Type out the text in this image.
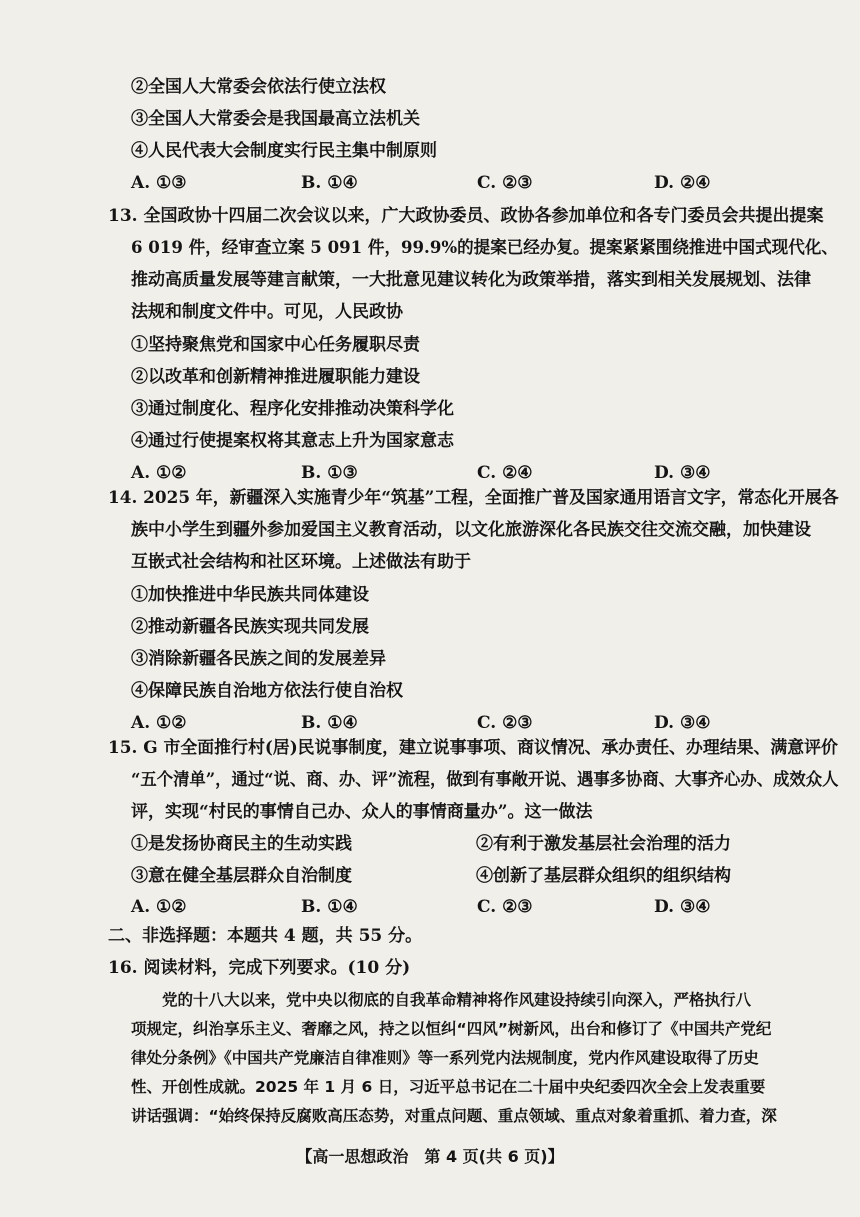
②全国人大常委会依法行使立法权
③全国人大常委会是我国最高立法机关
④人民代表大会制度实行民主集中制原则
A. ①③	B. ①④	C. ②③	D. ②④
13. 全国政协十四届二次会议以来，广大政协委员、政协各参加单位和各专门委员会共提出提案
6 019 件，经审查立案 5 091 件，99.9%的提案已经办复。提案紧紧围绕推进中国式现代化、
推动高质量发展等建言献策，一大批意见建议转化为政策举措，落实到相关发展规划、法律
法规和制度文件中。可见，人民政协
①坚持聚焦党和国家中心任务履职尽责
②以改革和创新精神推进履职能力建设
③通过制度化、程序化安排推动决策科学化
④通过行使提案权将其意志上升为国家意志
A. ①②	B. ①③	C. ②④	D. ③④
14. 2025 年，新疆深入实施青少年“筑基”工程，全面推广普及国家通用语言文字，常态化开展各
族中小学生到疆外参加爱国主义教育活动，以文化旅游深化各民族交往交流交融，加快建设
互嵌式社会结构和社区环境。上述做法有助于
①加快推进中华民族共同体建设
②推动新疆各民族实现共同发展
③消除新疆各民族之间的发展差异
④保障民族自治地方依法行使自治权
A. ①②	B. ①④	C. ②③	D. ③④
15. G 市全面推行村(居)民说事制度，建立说事事项、商议情况、承办责任、办理结果、满意评价
“五个清单”，通过“说、商、办、评”流程，做到有事敞开说、遇事多协商、大事齐心办、成效众人
评，实现“村民的事情自己办、众人的事情商量办”。这一做法
①是发扬协商民主的生动实践	②有利于激发基层社会治理的活力
③意在健全基层群众自治制度	④创新了基层群众组织的组织结构
A. ①②	B. ①④	C. ②③	D. ③④
二、非选择题：本题共 4 题，共 55 分。
16. 阅读材料，完成下列要求。(10 分)
党的十八大以来，党中央以彻底的自我革命精神将作风建设持续引向深入，严格执行八
项规定，纠治享乐主义、奢靡之风，持之以恒纠“四风”树新风，出台和修订了《中国共产党纪
律处分条例》《中国共产党廉洁自律准则》等一系列党内法规制度，党内作风建设取得了历史
性、开创性成就。2025 年 1 月 6 日，习近平总书记在二十届中央纪委四次全会上发表重要
讲话强调：“始终保持反腐败高压态势，对重点问题、重点领域、重点对象着重抓、着力查，深
【高一思想政治　第 4 页(共 6 页)】
